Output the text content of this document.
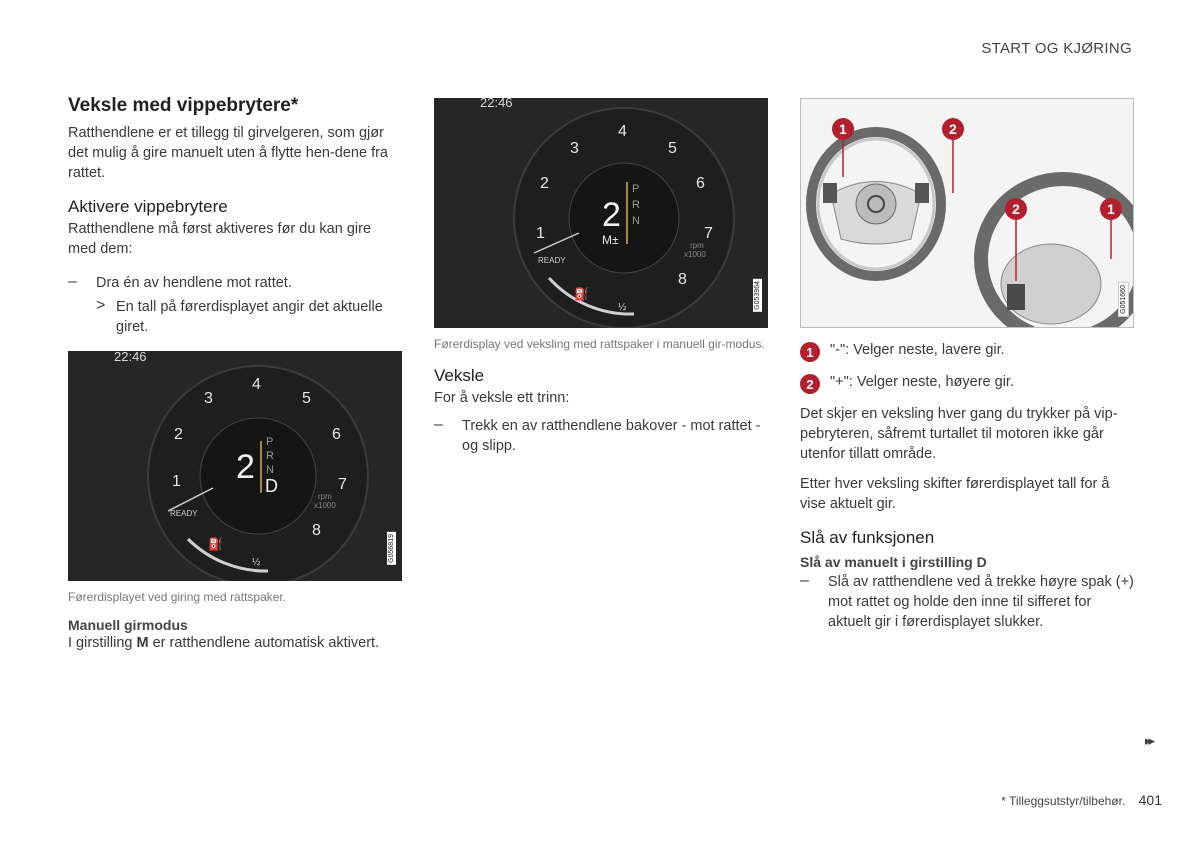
START OG KJØRING
Veksle med vippebrytere*

Ratthendlene er et tillegg til girvelgeren, som gjør det mulig å gire manuelt uten å flytte hen-dene fra rattet.

Aktivere vippebrytere

Ratthendlene må først aktiveres før du kan gire med dem:

– Dra én av hendlene mot rattet.

> En tall på førerdisplayet angir det aktuelle giret.

22:46
READY
1
2
3
4
5
6
7
8
rpm
x1000
2
P
R
N
D
⛽
½	G056819

Førerdisplayet ved giring med rattspaker.

Manuell girmodus

I girstilling M er ratthendlene automatisk aktivert.

22:46
READY
1
2
3
4
5
6
7
8
rpm
x1000
2
M±
P
R
N
⛽
½	G053964

Førerdisplay ved veksling med rattspaker i manuell gir-modus.

Veksle

For å veksle ett trinn:

– Trekk en av ratthendlene bakover - mot rattet - og slipp.

1	2
2	1
G051660
1	"-": Velger neste, lavere gir.

2	"+": Velger neste, høyere gir.

Det skjer en veksling hver gang du trykker på vip-pebryteren, såfremt turtallet til motoren ikke går utenfor tillatt område.

Etter hver veksling skifter førerdisplayet tall for å vise aktuelt gir.

Slå av funksjonen
Slå av manuelt i girstilling D
– Slå av ratthendlene ved å trekke høyre spak (+) mot rattet og holde den inne til sifferet for aktuelt gir i førerdisplayet slukker.

▸▸
* Tilleggsutstyr/tilbehør. 401
